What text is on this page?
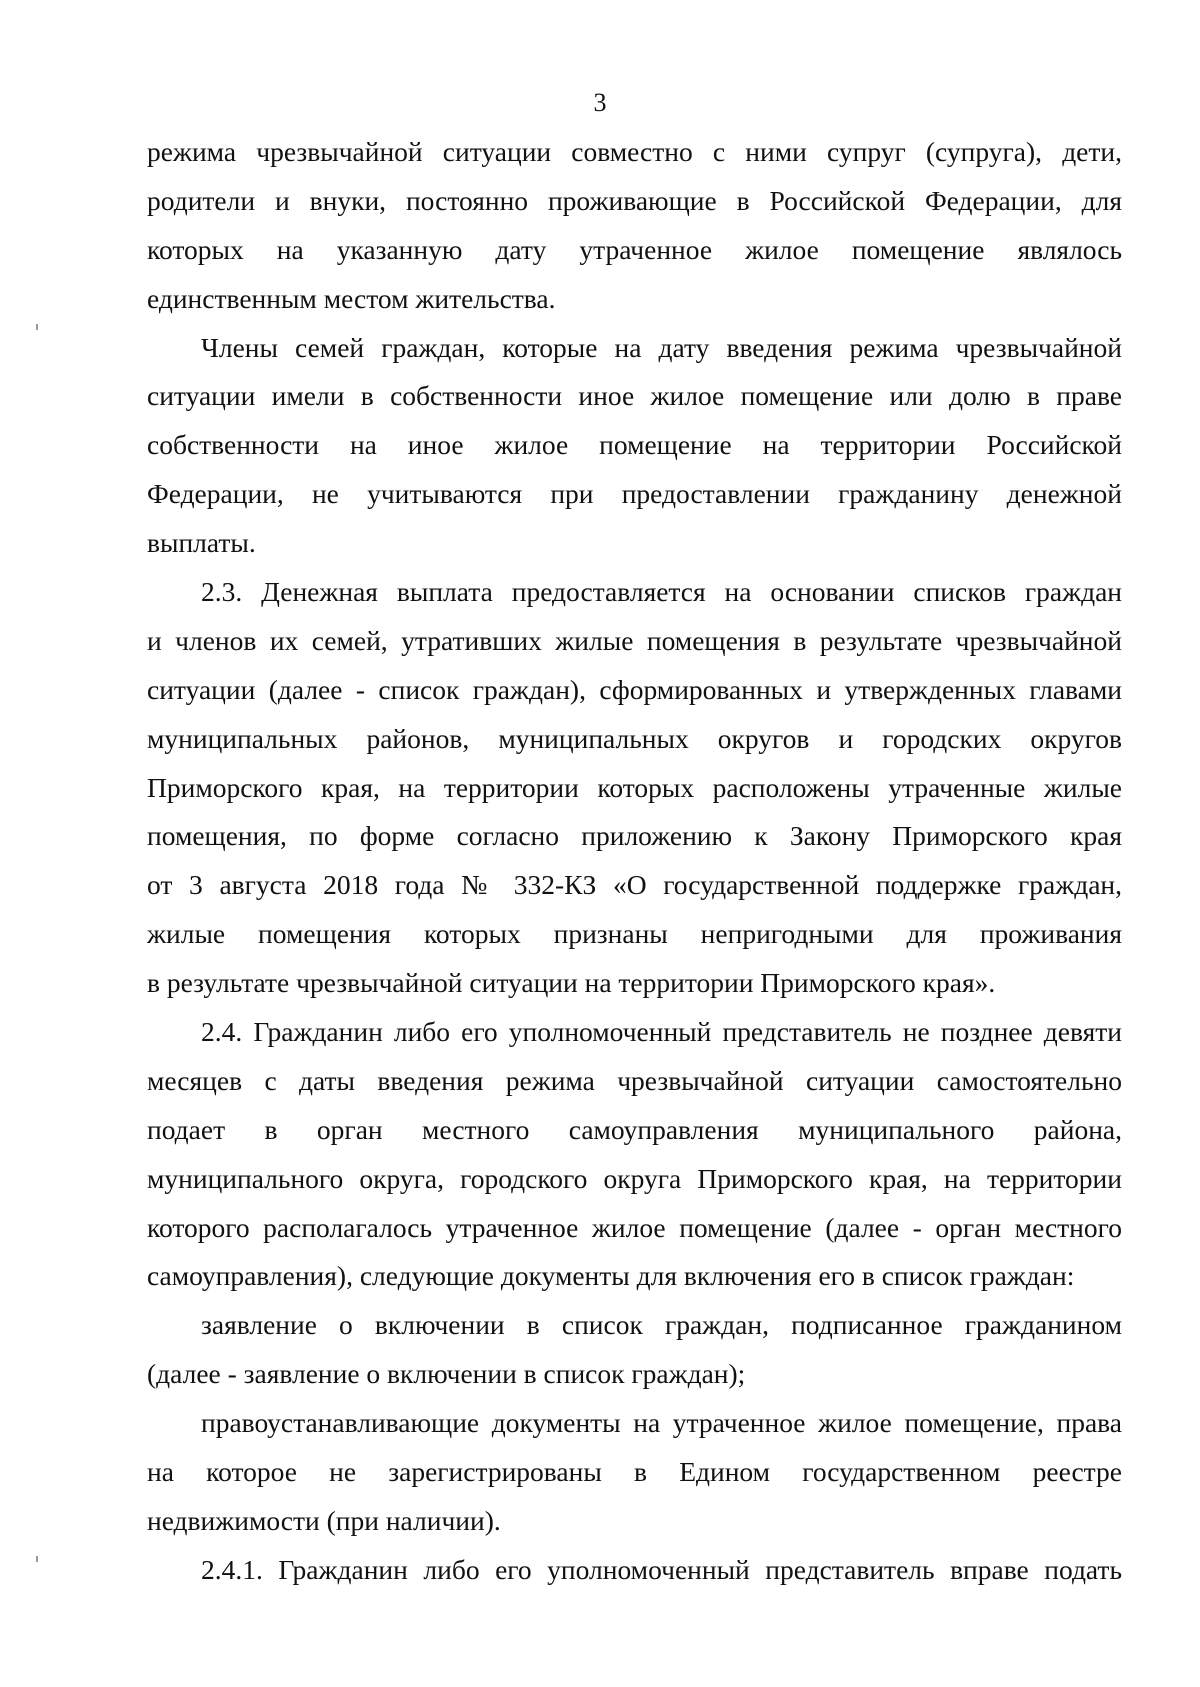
3
режима чрезвычайной ситуации совместно с ними супруг (супруга), дети,
родители и внуки, постоянно проживающие в Российской Федерации, для
которых на указанную дату утраченное жилое помещение являлось
единственным местом жительства.
Члены семей граждан, которые на дату введения режима чрезвычайной
ситуации имели в собственности иное жилое помещение или долю в праве
собственности на иное жилое помещение на территории Российской
Федерации, не учитываются при предоставлении гражданину денежной
выплаты.
2.3. Денежная выплата предоставляется на основании списков граждан
и членов их семей, утративших жилые помещения в результате чрезвычайной
ситуации (далее - список граждан), сформированных и утвержденных главами
муниципальных районов, муниципальных округов и городских округов
Приморского края, на территории которых расположены утраченные жилые
помещения, по форме согласно приложению к Закону Приморского края
от 3 августа 2018 года № 332-КЗ «О государственной поддержке граждан,
жилые помещения которых признаны непригодными для проживания
в результате чрезвычайной ситуации на территории Приморского края».
2.4. Гражданин либо его уполномоченный представитель не позднее девяти
месяцев с даты введения режима чрезвычайной ситуации самостоятельно
подает в орган местного самоуправления муниципального района,
муниципального округа, городского округа Приморского края, на территории
которого располагалось утраченное жилое помещение (далее - орган местного
самоуправления), следующие документы для включения его в список граждан:
заявление о включении в список граждан, подписанное гражданином
(далее - заявление о включении в список граждан);
правоустанавливающие документы на утраченное жилое помещение, права
на которое не зарегистрированы в Едином государственном реестре
недвижимости (при наличии).
2.4.1. Гражданин либо его уполномоченный представитель вправе подать
